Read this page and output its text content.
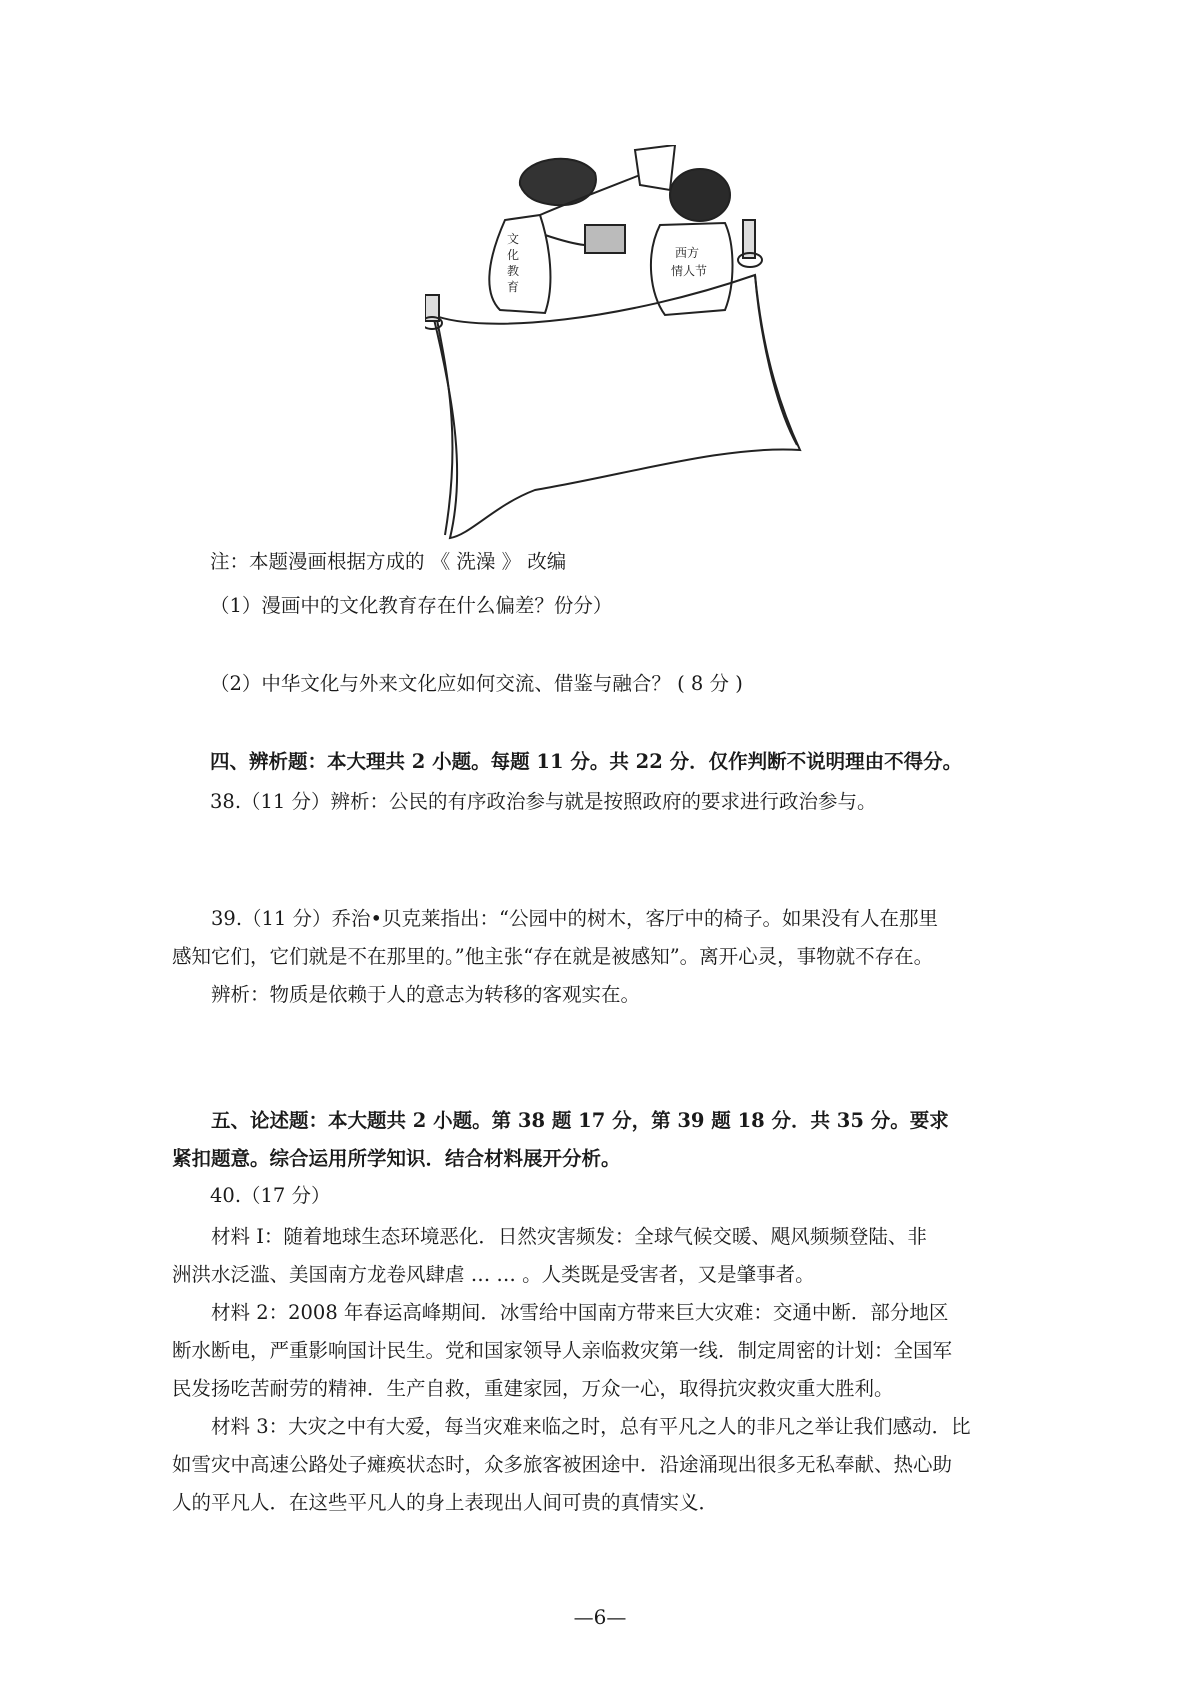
文
化
教
育
西方
情人节
注：本题漫画根据方成的 《 洗澡 》 改编
（1）漫画中的文化教育存在什么偏差？份分）
（2）中华文化与外来文化应如何交流、借鉴与融合？ ( 8 分 )
四、辨析题：本大理共 2 小题。每题 11 分。共 22 分．仅作判断不说明理由不得分。
38.（11 分）辨析：公民的有序政治参与就是按照政府的要求进行政治参与。

39.（11 分）乔治•贝克莱指出：“公园中的树木，客厅中的椅子。如果没有人在那里

感知它们，它们就是不在那里的。”他主张“存在就是被感知”。离开心灵，事物就不存在。

辨析：物质是依赖于人的意志为转移的客观实在。

五、论述题：本大题共 2 小题。第 38 题 17 分，第 39 题 18 分．共 35 分。要求

紧扣题意。综合运用所学知识．结合材料展开分析。

40.（17 分）

材料 Ⅰ：随着地球生态环境恶化．日然灾害频发：全球气候交暖、飓风频频登陆、非

洲洪水泛滥、美国南方龙卷风肆虐 … … 。人类既是受害者，又是肇事者。

材料 2：2008 年春运高峰期间．冰雪给中国南方带来巨大灾难：交通中断．部分地区

断水断电，严重影响国计民生。党和国家领导人亲临救灾第一线．制定周密的计划：全国军

民发扬吃苦耐劳的精神．生产自救，重建家园，万众一心，取得抗灾救灾重大胜利。

材料 3：大灾之中有大爱，每当灾难来临之时，总有平凡之人的非凡之举让我们感动．比

如雪灾中高速公路处子瘫痪状态时，众多旅客被困途中．沿途涌现出很多无私奉献、热心助

人的平凡人．在这些平凡人的身上表现出人间可贵的真情实义．

—6—
